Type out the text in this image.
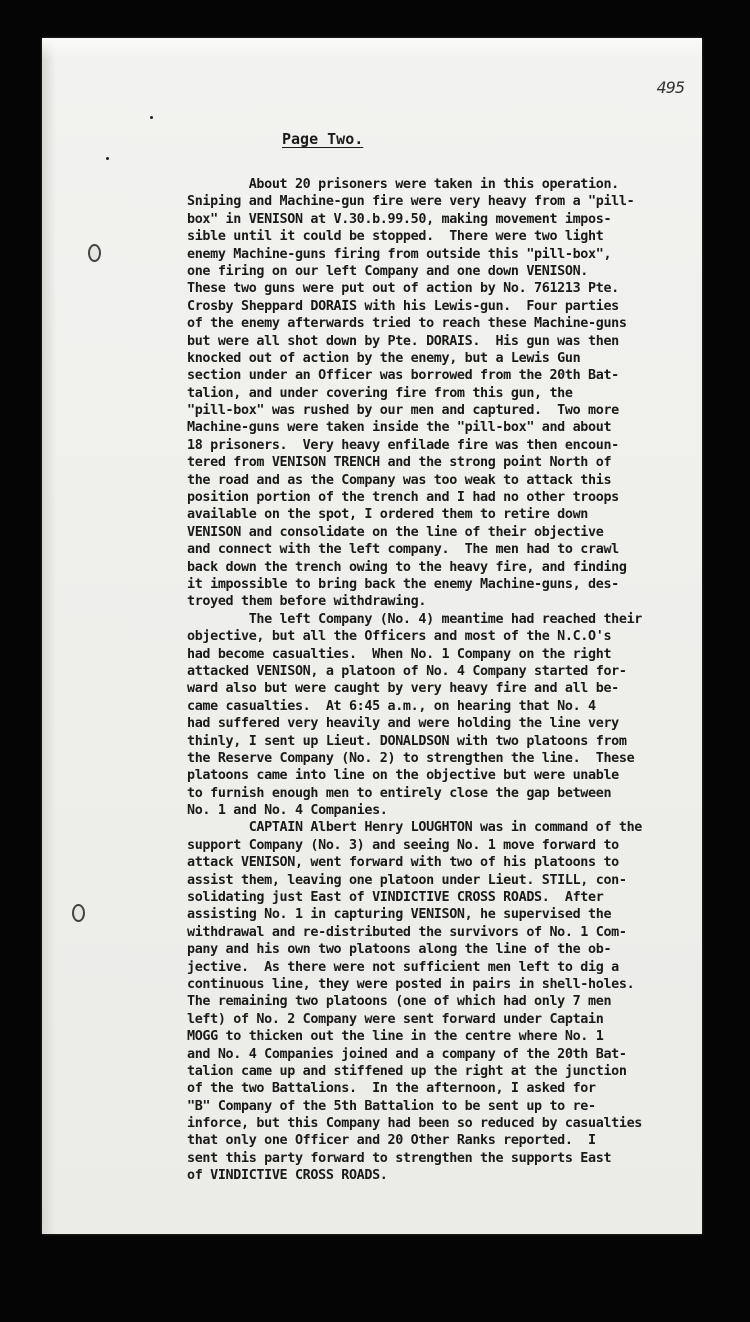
495
Page Two.
About 20 prisoners were taken in this operation.
Sniping and Machine-gun fire were very heavy from a "pill-
box" in VENISON at V.30.b.99.50, making movement impos-
sible until it could be stopped.  There were two light
enemy Machine-guns firing from outside this "pill-box",
one firing on our left Company and one down VENISON.
These two guns were put out of action by No. 761213 Pte.
Crosby Sheppard DORAIS with his Lewis-gun.  Four parties
of the enemy afterwards tried to reach these Machine-guns
but were all shot down by Pte. DORAIS.  His gun was then
knocked out of action by the enemy, but a Lewis Gun
section under an Officer was borrowed from the 20th Bat-
talion, and under covering fire from this gun, the
"pill-box" was rushed by our men and captured.  Two more
Machine-guns were taken inside the "pill-box" and about
18 prisoners.  Very heavy enfilade fire was then encoun-
tered from VENISON TRENCH and the strong point North of
the road and as the Company was too weak to attack this
position portion of the trench and I had no other troops
available on the spot, I ordered them to retire down
VENISON and consolidate on the line of their objective
and connect with the left company.  The men had to crawl
back down the trench owing to the heavy fire, and finding
it impossible to bring back the enemy Machine-guns, des-
troyed them before withdrawing.
The left Company (No. 4) meantime had reached their
objective, but all the Officers and most of the N.C.O's
had become casualties.  When No. 1 Company on the right
attacked VENISON, a platoon of No. 4 Company started for-
ward also but were caught by very heavy fire and all be-
came casualties.  At 6:45 a.m., on hearing that No. 4
had suffered very heavily and were holding the line very
thinly, I sent up Lieut. DONALDSON with two platoons from
the Reserve Company (No. 2) to strengthen the line.  These
platoons came into line on the objective but were unable
to furnish enough men to entirely close the gap between
No. 1 and No. 4 Companies.
CAPTAIN Albert Henry LOUGHTON was in command of the
support Company (No. 3) and seeing No. 1 move forward to
attack VENISON, went forward with two of his platoons to
assist them, leaving one platoon under Lieut. STILL, con-
solidating just East of VINDICTIVE CROSS ROADS.  After
assisting No. 1 in capturing VENISON, he supervised the
withdrawal and re-distributed the survivors of No. 1 Com-
pany and his own two platoons along the line of the ob-
jective.  As there were not sufficient men left to dig a
continuous line, they were posted in pairs in shell-holes.
The remaining two platoons (one of which had only 7 men
left) of No. 2 Company were sent forward under Captain
MOGG to thicken out the line in the centre where No. 1
and No. 4 Companies joined and a company of the 20th Bat-
talion came up and stiffened up the right at the junction
of the two Battalions.  In the afternoon, I asked for
"B" Company of the 5th Battalion to be sent up to re-
inforce, but this Company had been so reduced by casualties
that only one Officer and 20 Other Ranks reported.  I
sent this party forward to strengthen the supports East
of VINDICTIVE CROSS ROADS.
